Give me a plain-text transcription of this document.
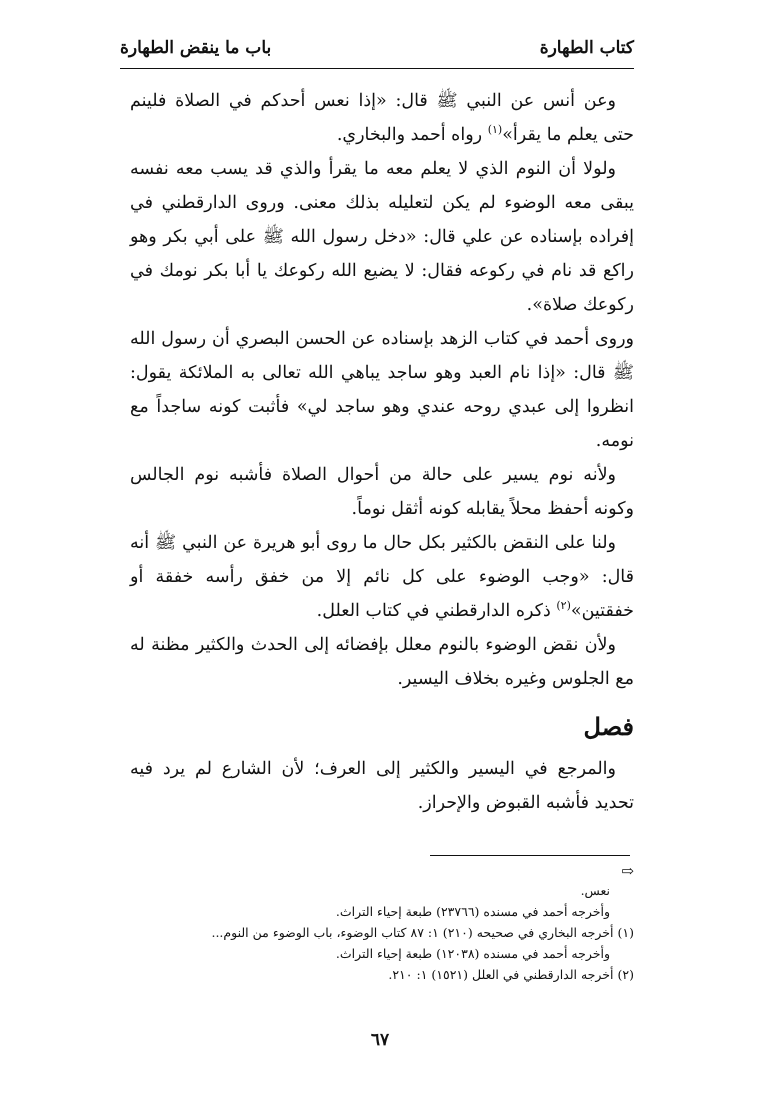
كتاب الطهارة
باب ما ينقض الطهارة
وعن أنس عن النبي ﷺ قال: «إذا نعس أحدكم في الصلاة فلينم حتى يعلم ما يقرأ»$^{(١)}$ رواه أحمد والبخاري.
ولولا أن النوم الذي لا يعلم معه ما يقرأ والذي قد يسب معه نفسه يبقى معه الوضوء لم يكن لتعليله بذلك معنى. وروى الدارقطني في إفراده بإسناده عن علي قال: «دخل رسول الله ﷺ على أبي بكر وهو راكع قد نام في ركوعه فقال: لا يضيع الله ركوعك يا أبا بكر نومك في ركوعك صلاة».
وروى أحمد في كتاب الزهد بإسناده عن الحسن البصري أن رسول الله ﷺ قال: «إذا نام العبد وهو ساجد يباهي الله تعالى به الملائكة يقول: انظروا إلى عبدي روحه عندي وهو ساجد لي» فأثبت كونه ساجداً مع نومه.
ولأنه نوم يسير على حالة من أحوال الصلاة فأشبه نوم الجالس وكونه أحفظ محلاً يقابله كونه أثقل نوماً.
ولنا على النقض بالكثير بكل حال ما روى أبو هريرة عن النبي ﷺ أنه قال: «وجب الوضوء على كل نائم إلا من خفق رأسه خفقة أو خفقتين»$^{(٢)}$ ذكره الدارقطني في كتاب العلل.
ولأن نقض الوضوء بالنوم معلل بإفضائه إلى الحدث والكثير مظنة له مع الجلوس وغيره بخلاف اليسير.
فصل
والمرجع في اليسير والكثير إلى العرف؛ لأن الشارع لم يرد فيه تحديد فأشبه القبوض والإحراز.
⇨
نعس.
وأخرجه أحمد في مسنده (٢٣٧٦٦) طبعة إحياء التراث.
(١) أخرجه البخاري في صحيحه (٢١٠) ١: ٨٧ كتاب الوضوء، باب الوضوء من النوم...
وأخرجه أحمد في مسنده (١٢٠٣٨) طبعة إحياء التراث.
(٢) أخرجه الدارقطني في العلل (١٥٢١) ١: ٢١٠.
٦٧
